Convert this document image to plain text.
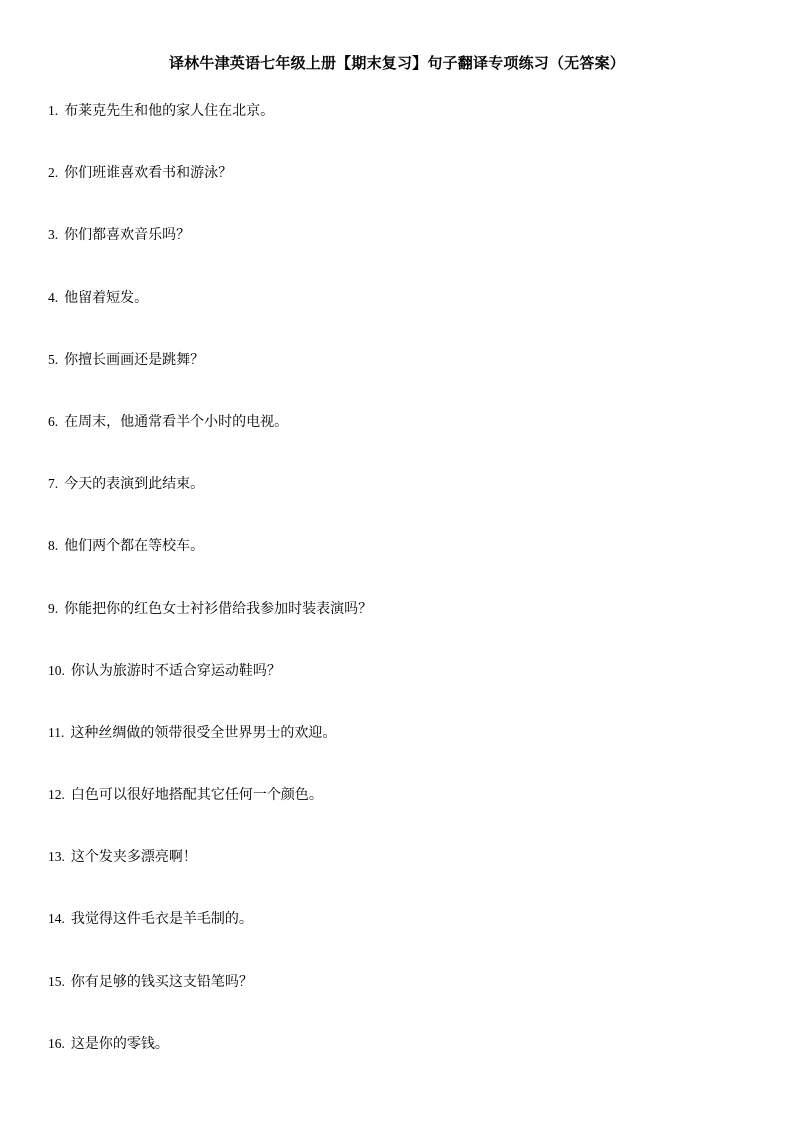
译林牛津英语七年级上册【期末复习】句子翻译专项练习（无答案）
1. 布莱克先生和他的家人住在北京。
2. 你们班谁喜欢看书和游泳？
3. 你们都喜欢音乐吗？
4. 他留着短发。
5. 你擅长画画还是跳舞？
6. 在周末，他通常看半个小时的电视。
7. 今天的表演到此结束。
8. 他们两个都在等校车。
9. 你能把你的红色女士衬衫借给我参加时装表演吗？
10. 你认为旅游时不适合穿运动鞋吗？
11. 这种丝绸做的领带很受全世界男士的欢迎。
12. 白色可以很好地搭配其它任何一个颜色。
13. 这个发夹多漂亮啊！
14. 我觉得这件毛衣是羊毛制的。
15. 你有足够的钱买这支铅笔吗？
16. 这是你的零钱。
